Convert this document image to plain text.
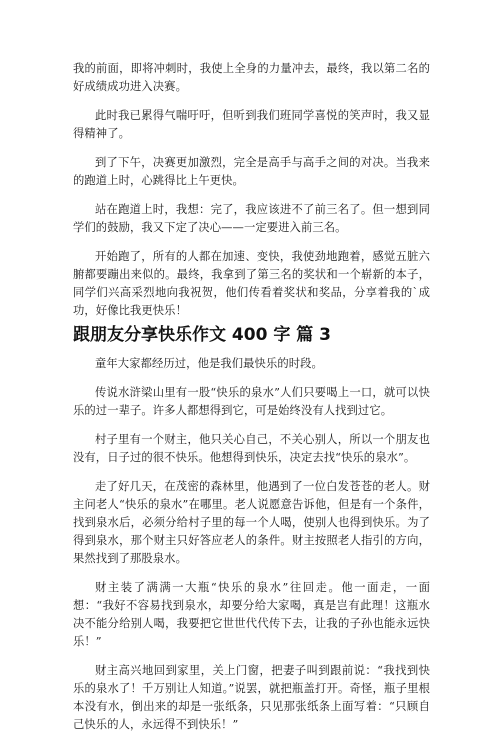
我的前面，即将冲刺时，我使上全身的力量冲去，最终，我以第二名的好成绩成功进入决赛。

此时我已累得气喘吁吁，但听到我们班同学喜悦的笑声时，我又显得精神了。

到了下午，决赛更加激烈，完全是高手与高手之间的对决。当我来的跑道上时，心跳得比上午更快。

站在跑道上时，我想：完了，我应该进不了前三名了。但一想到同学们的鼓励，我又下定了决心——一定要进入前三名。

开始跑了，所有的人都在加速、变快，我使劲地跑着，感觉五脏六腑都要蹦出来似的。最终，我拿到了第三名的奖状和一个崭新的本子，同学们兴高采烈地向我祝贺，他们传看着奖状和奖品，分享着我的`成功，好像比我更快乐！

跟朋友分享快乐作文 400 字 篇 3

童年大家都经历过，他是我们最快乐的时段。

传说水浒梁山里有一股“快乐的泉水”人们只要喝上一口，就可以快乐的过一辈子。许多人都想得到它，可是始终没有人找到过它。

村子里有一个财主，他只关心自己，不关心别人，所以一个朋友也没有，日子过的很不快乐。他想得到快乐，决定去找“快乐的泉水”。

走了好几天，在茂密的森林里，他遇到了一位白发苍苍的老人。财主问老人“快乐的泉水”在哪里。老人说愿意告诉他，但是有一个条件，找到泉水后，必须分给村子里的每一个人喝，使别人也得到快乐。为了得到泉水，那个财主只好答应老人的条件。财主按照老人指引的方向，果然找到了那股泉水。

财主装了满满一大瓶“快乐的泉水”往回走。他一面走，一面想：“我好不容易找到泉水，却要分给大家喝，真是岂有此理！这瓶水决不能分给别人喝，我要把它世世代代传下去，让我的子孙也能永远快乐！”

财主高兴地回到家里，关上门窗，把妻子叫到跟前说：“我找到快乐的泉水了！千万别让人知道。”说罢，就把瓶盖打开。奇怪，瓶子里根本没有水，倒出来的却是一张纸条，只见那张纸条上面写着：“只顾自己快乐的人，永远得不到快乐！”
